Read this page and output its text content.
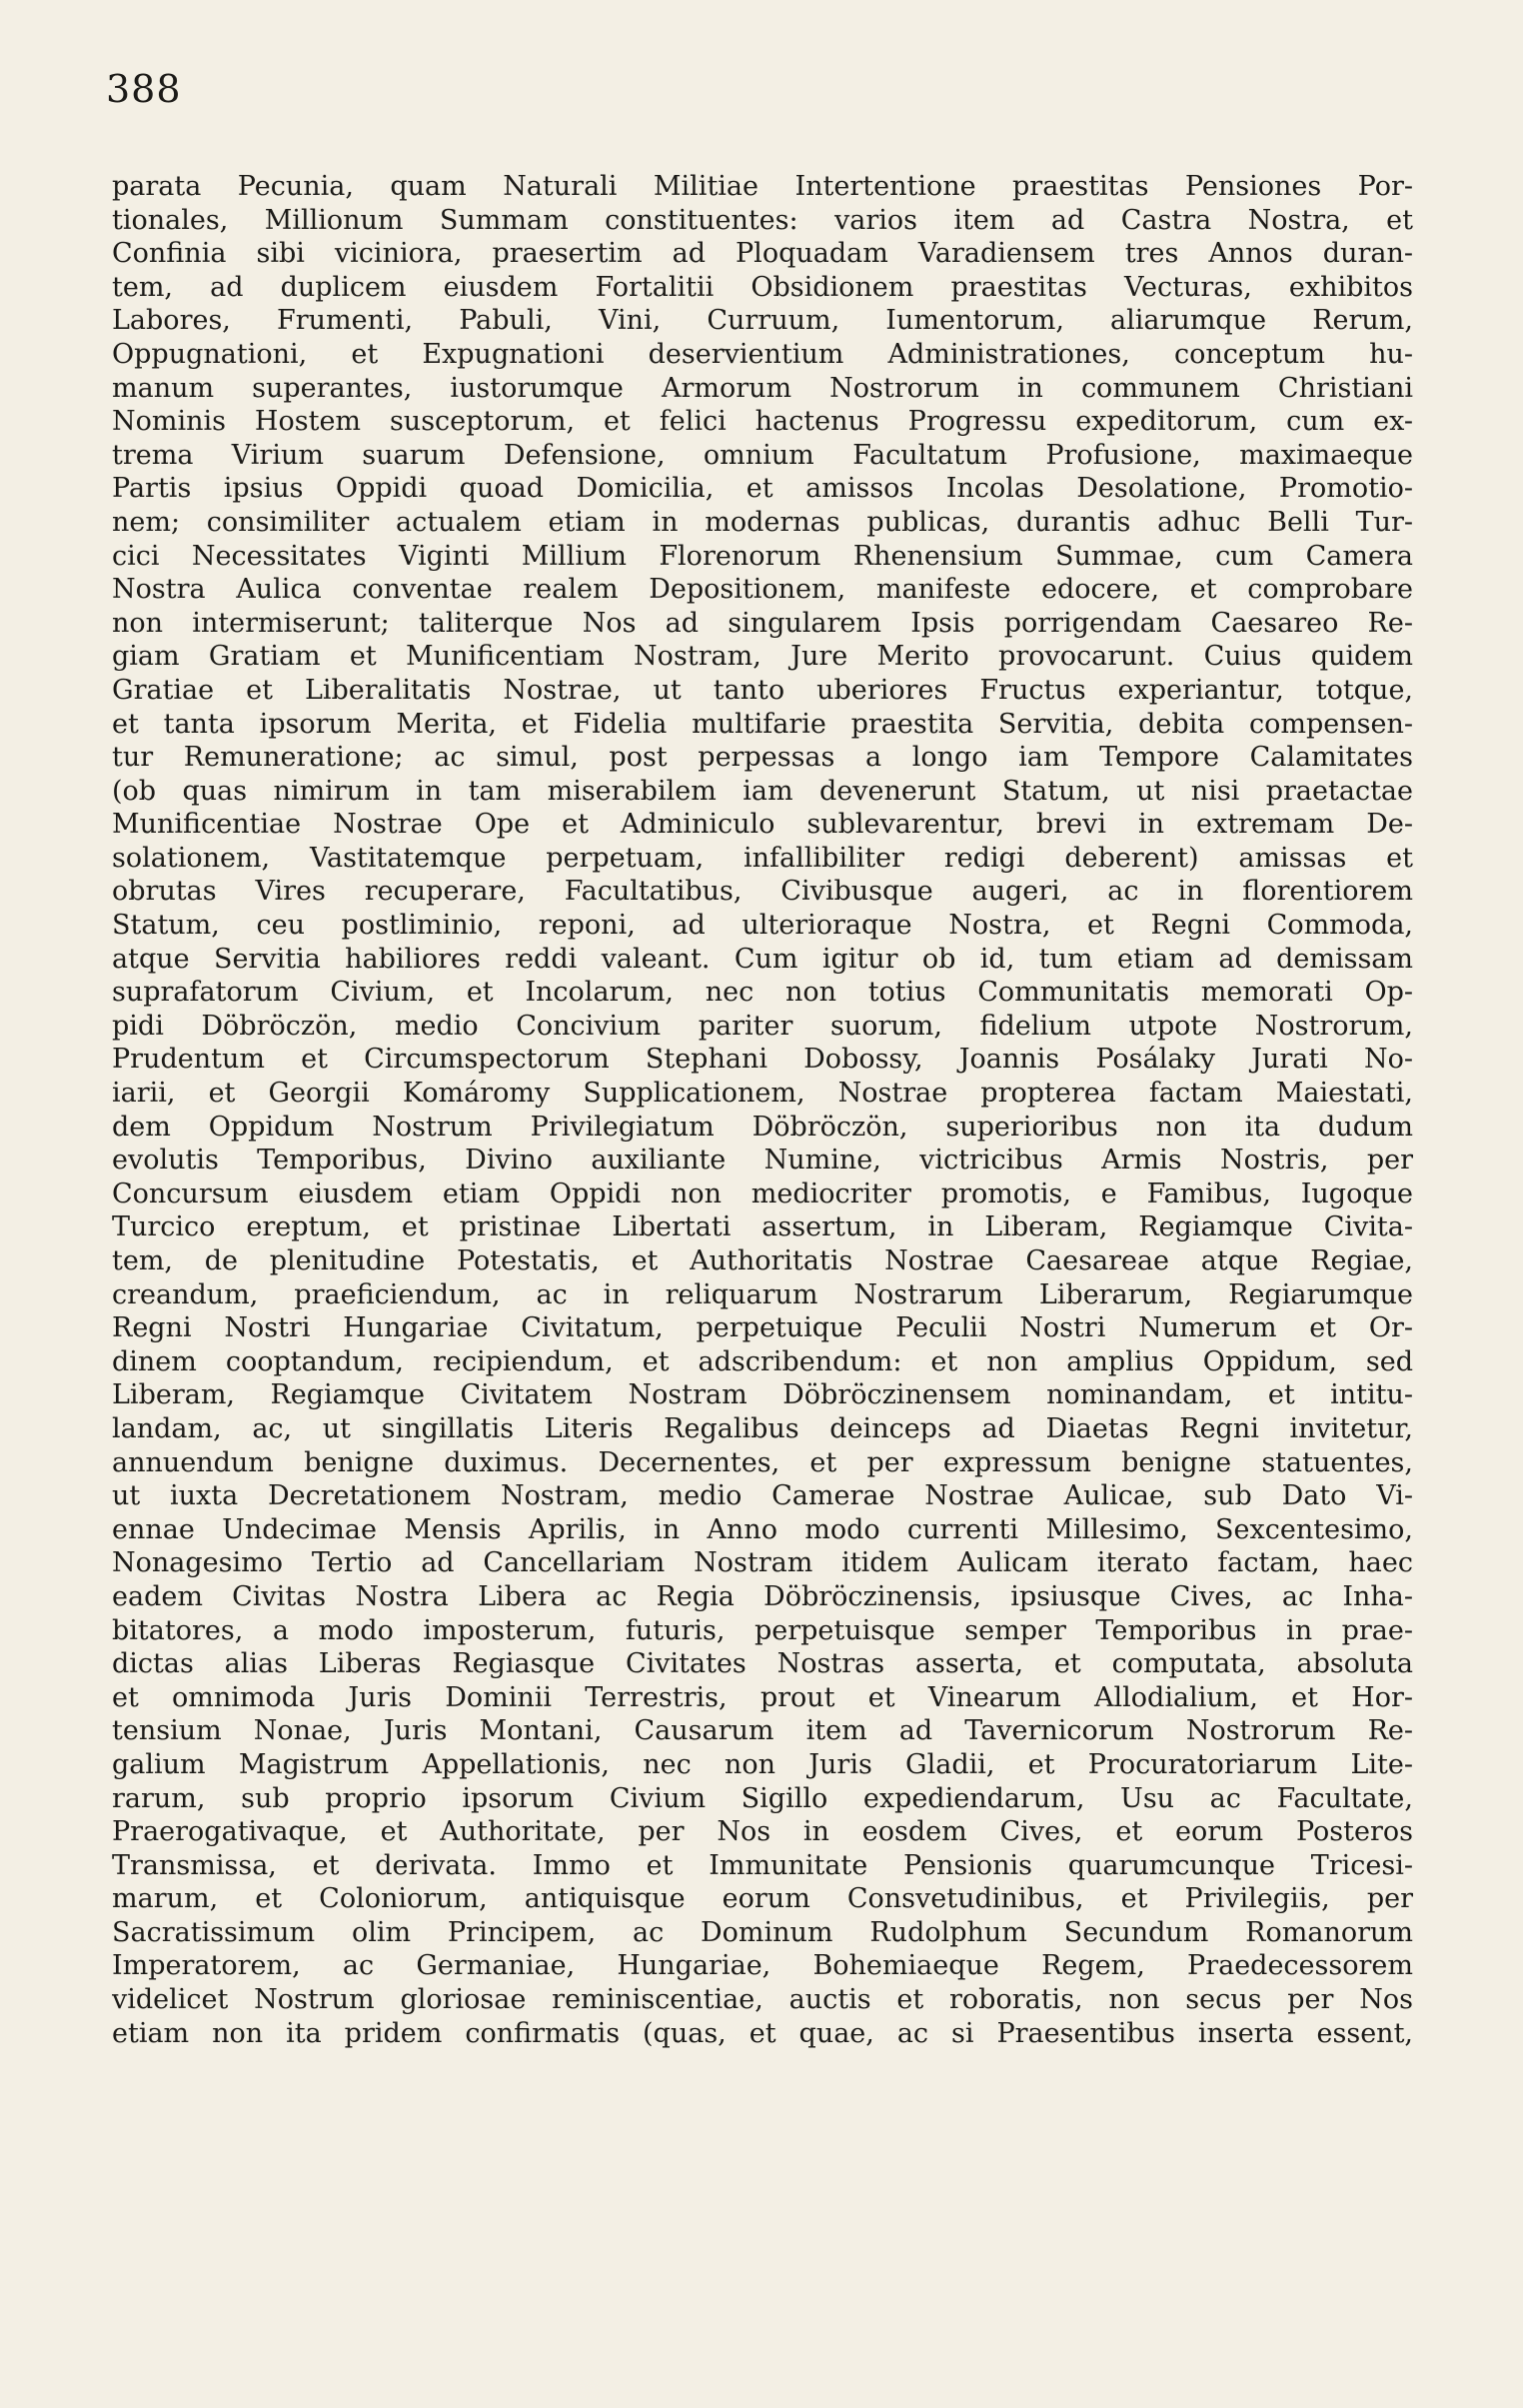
388
parata Pecunia, quam Naturali Militiae Intertentione praestitas Pensiones Por-
tionales, Millionum Summam constituentes: varios item ad Castra Nostra, et
Confinia sibi viciniora, praesertim ad Ploquadam Varadiensem tres Annos duran-
tem, ad duplicem eiusdem Fortalitii Obsidionem praestitas Vecturas, exhibitos
Labores, Frumenti, Pabuli, Vini, Curruum, Iumentorum, aliarumque Rerum,
Oppugnationi, et Expugnationi deservientium Administrationes, conceptum hu-
manum superantes, iustorumque Armorum Nostrorum in communem Christiani
Nominis Hostem susceptorum, et felici hactenus Progressu expeditorum, cum ex-
trema Virium suarum Defensione, omnium Facultatum Profusione, maximaeque
Partis ipsius Oppidi quoad Domicilia, et amissos Incolas Desolatione, Promotio-
nem; consimiliter actualem etiam in modernas publicas, durantis adhuc Belli Tur-
cici Necessitates Viginti Millium Florenorum Rhenensium Summae, cum Camera
Nostra Aulica conventae realem Depositionem, manifeste edocere, et comprobare
non intermiserunt; taliterque Nos ad singularem Ipsis porrigendam Caesareo Re-
giam Gratiam et Munificentiam Nostram, Jure Merito provocarunt. Cuius quidem
Gratiae et Liberalitatis Nostrae, ut tanto uberiores Fructus experiantur, totque,
et tanta ipsorum Merita, et Fidelia multifarie praestita Servitia, debita compensen-
tur Remuneratione; ac simul, post perpessas a longo iam Tempore Calamitates
(ob quas nimirum in tam miserabilem iam devenerunt Statum, ut nisi praetactae
Munificentiae Nostrae Ope et Adminiculo sublevarentur, brevi in extremam De-
solationem, Vastitatemque perpetuam, infallibiliter redigi deberent) amissas et
obrutas Vires recuperare, Facultatibus, Civibusque augeri, ac in florentiorem
Statum, ceu postliminio, reponi, ad ulterioraque Nostra, et Regni Commoda,
atque Servitia habiliores reddi valeant. Cum igitur ob id, tum etiam ad demissam
suprafatorum Civium, et Incolarum, nec non totius Communitatis memorati Op-
pidi Döbröczön, medio Concivium pariter suorum, fidelium utpote Nostrorum,
Prudentum et Circumspectorum Stephani Dobossy, Joannis Posálaky Jurati No-
iarii, et Georgii Komáromy Supplicationem, Nostrae propterea factam Maiestati,
dem Oppidum Nostrum Privilegiatum Döbröczön, superioribus non ita dudum
evolutis Temporibus, Divino auxiliante Numine, victricibus Armis Nostris, per
Concursum eiusdem etiam Oppidi non mediocriter promotis, e Famibus, Iugoque
Turcico ereptum, et pristinae Libertati assertum, in Liberam, Regiamque Civita-
tem, de plenitudine Potestatis, et Authoritatis Nostrae Caesareae atque Regiae,
creandum, praeficiendum, ac in reliquarum Nostrarum Liberarum, Regiarumque
Regni Nostri Hungariae Civitatum, perpetuique Peculii Nostri Numerum et Or-
dinem cooptandum, recipiendum, et adscribendum: et non amplius Oppidum, sed
Liberam, Regiamque Civitatem Nostram Döbröczinensem nominandam, et intitu-
landam, ac, ut singillatis Literis Regalibus deinceps ad Diaetas Regni invitetur,
annuendum benigne duximus. Decernentes, et per expressum benigne statuentes,
ut iuxta Decretationem Nostram, medio Camerae Nostrae Aulicae, sub Dato Vi-
ennae Undecimae Mensis Aprilis, in Anno modo currenti Millesimo, Sexcentesimo,
Nonagesimo Tertio ad Cancellariam Nostram itidem Aulicam iterato factam, haec
eadem Civitas Nostra Libera ac Regia Döbröczinensis, ipsiusque Cives, ac Inha-
bitatores, a modo imposterum, futuris, perpetuisque semper Temporibus in prae-
dictas alias Liberas Regiasque Civitates Nostras asserta, et computata, absoluta
et omnimoda Juris Dominii Terrestris, prout et Vinearum Allodialium, et Hor-
tensium Nonae, Juris Montani, Causarum item ad Tavernicorum Nostrorum Re-
galium Magistrum Appellationis, nec non Juris Gladii, et Procuratoriarum Lite-
rarum, sub proprio ipsorum Civium Sigillo expediendarum, Usu ac Facultate,
Praerogativaque, et Authoritate, per Nos in eosdem Cives, et eorum Posteros
Transmissa, et derivata. Immo et Immunitate Pensionis quarumcunque Tricesi-
marum, et Coloniorum, antiquisque eorum Consvetudinibus, et Privilegiis, per
Sacratissimum olim Principem, ac Dominum Rudolphum Secundum Romanorum
Imperatorem, ac Germaniae, Hungariae, Bohemiaeque Regem, Praedecessorem
videlicet Nostrum gloriosae reminiscentiae, auctis et roboratis, non secus per Nos
etiam non ita pridem confirmatis (quas, et quae, ac si Praesentibus inserta essent,
